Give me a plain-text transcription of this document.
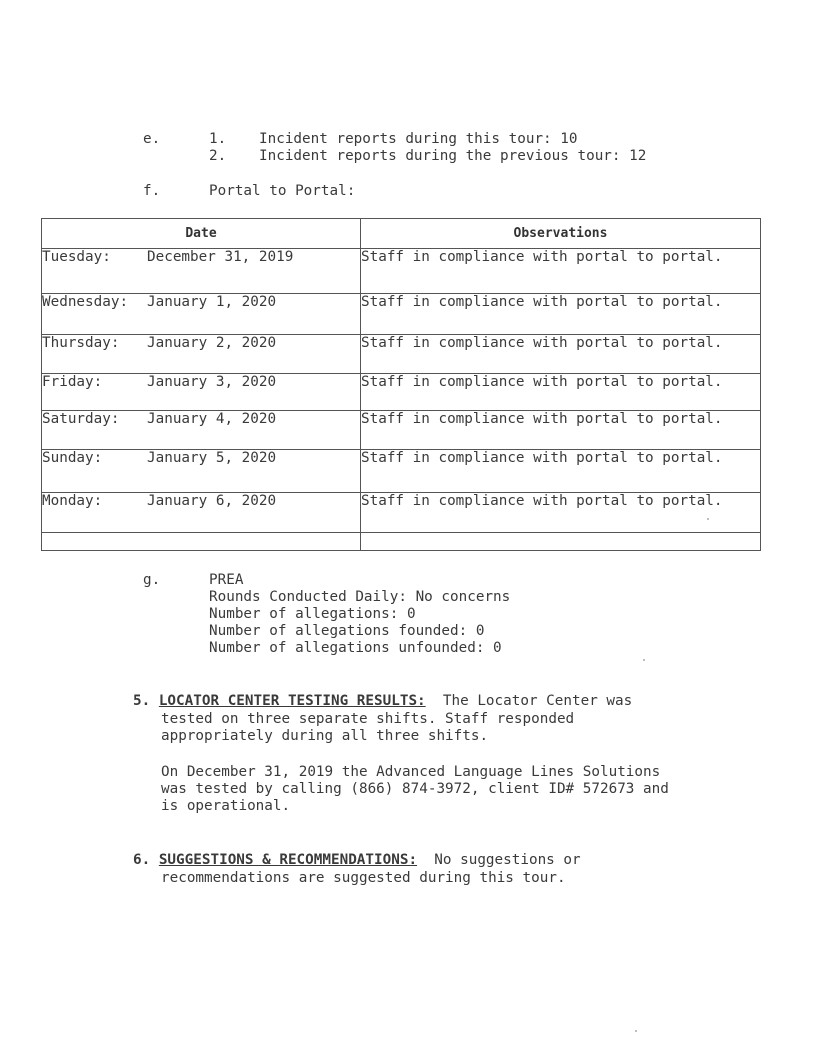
e.	1. Incident reports during this tour: 10
2. Incident reports during the previous tour: 12
f.	Portal to Portal:
Date	Observations
Tuesday: December 31, 2019	Staff in compliance with portal to portal.
Wednesday: January 1, 2020	Staff in compliance with portal to portal.
Thursday: January 2, 2020	Staff in compliance with portal to portal.
Friday: January 3, 2020	Staff in compliance with portal to portal.
Saturday: January 4, 2020	Staff in compliance with portal to portal.
Sunday: January 5, 2020	Staff in compliance with portal to portal.
Monday: January 6, 2020	Staff in compliance with portal to portal.

g.	PREA
Rounds Conducted Daily: No concerns
Number of allegations: 0
Number of allegations founded: 0
Number of allegations unfounded: 0
5. LOCATOR CENTER TESTING RESULTS:  The Locator Center was
tested on three separate shifts. Staff responded
appropriately during all three shifts.
On December 31, 2019 the Advanced Language Lines Solutions
was tested by calling (866) 874-3972, client ID# 572673 and
is operational.
6. SUGGESTIONS & RECOMMENDATIONS:  No suggestions or
recommendations are suggested during this tour.
